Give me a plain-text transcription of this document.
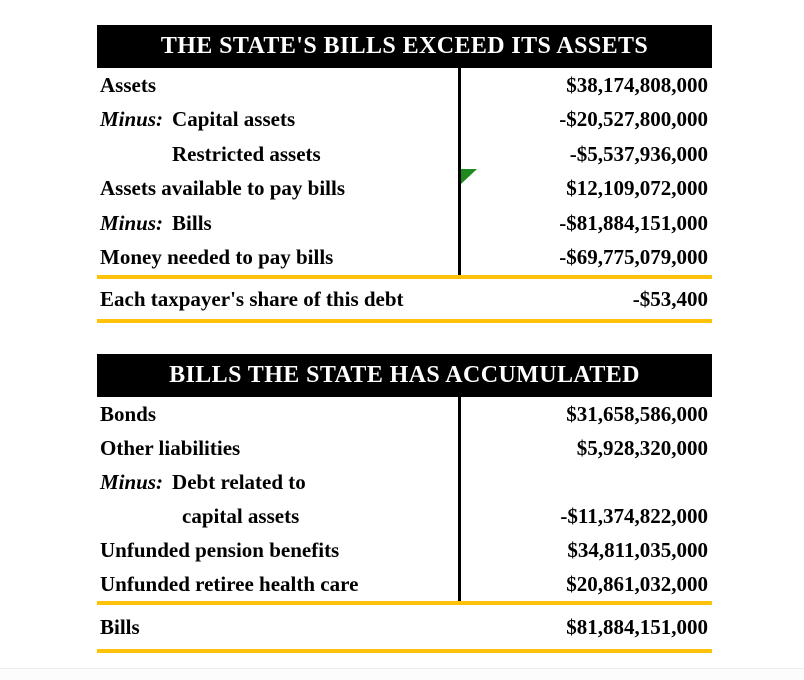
THE STATE'S BILLS EXCEED ITS ASSETS
Assets	$38,174,808,000
Minus: Capital assets	-$20,527,800,000
Restricted assets	-$5,537,936,000
Assets available to pay bills	$12,109,072,000
Minus: Bills	-$81,884,151,000
Money needed to pay bills	-$69,775,079,000
Each taxpayer's share of this debt	-$53,400
BILLS THE STATE HAS ACCUMULATED
Bonds	$31,658,586,000
Other liabilities	$5,928,320,000
Minus: Debt related to
capital assets	-$11,374,822,000
Unfunded pension benefits	$34,811,035,000
Unfunded retiree health care	$20,861,032,000
Bills	$81,884,151,000
